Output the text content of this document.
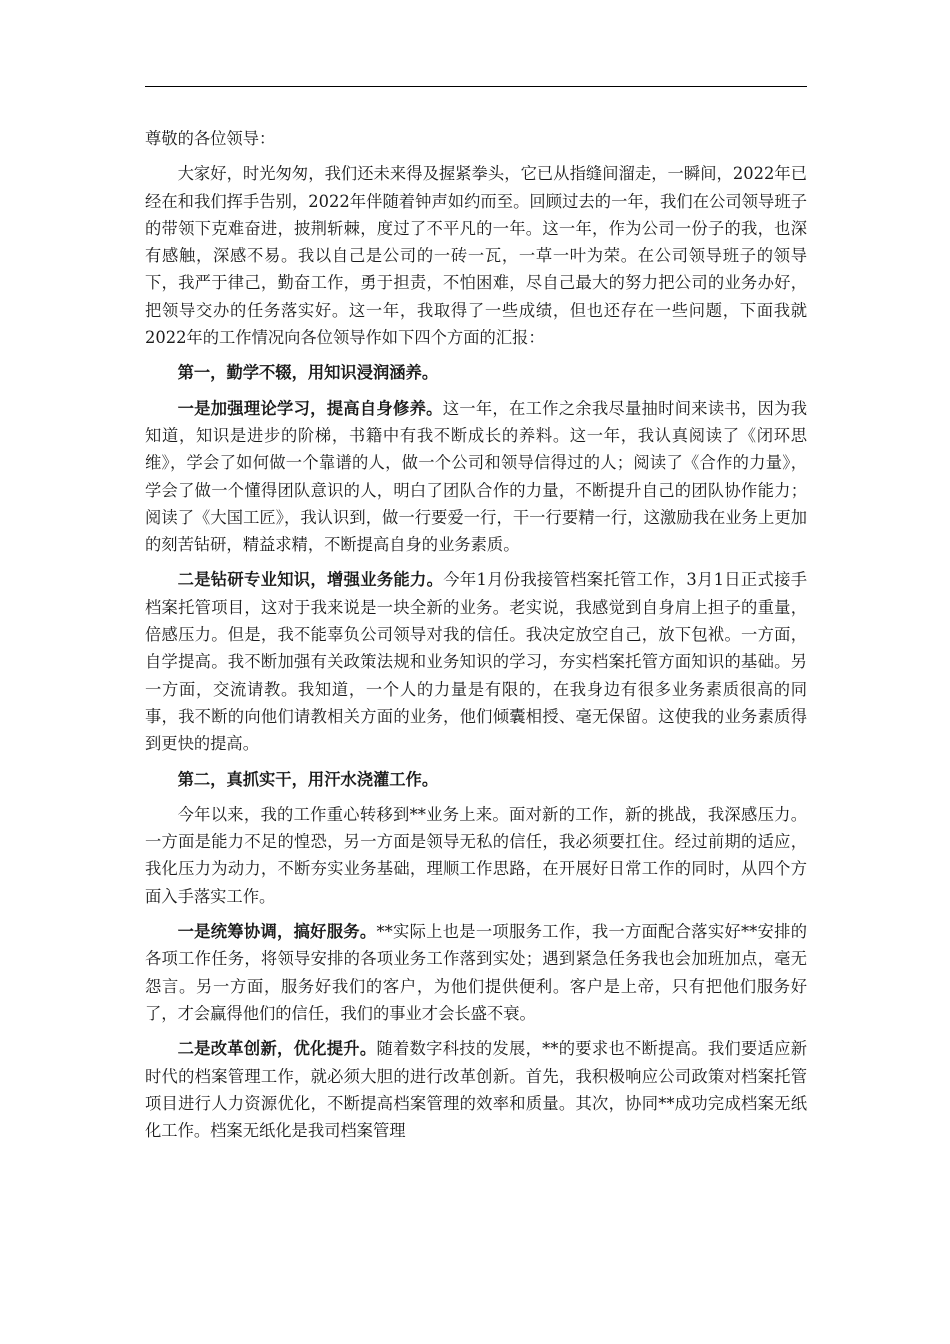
尊敬的各位领导：

大家好，时光匆匆，我们还未来得及握紧拳头，它已从指缝间溜走，一瞬间，2022年已经在和我们挥手告别，2022年伴随着钟声如约而至。回顾过去的一年，我们在公司领导班子的带领下克难奋进，披荆斩棘，度过了不平凡的一年。这一年，作为公司一份子的我，也深有感触，深感不易。我以自己是公司的一砖一瓦，一草一叶为荣。在公司领导班子的领导下，我严于律己，勤奋工作，勇于担责，不怕困难，尽自己最大的努力把公司的业务办好，把领导交办的任务落实好。这一年，我取得了一些成绩，但也还存在一些问题，下面我就2022年的工作情况向各位领导作如下四个方面的汇报：

第一，勤学不辍，用知识浸润涵养。

一是加强理论学习，提高自身修养。这一年，在工作之余我尽量抽时间来读书，因为我知道，知识是进步的阶梯，书籍中有我不断成长的养料。这一年，我认真阅读了《闭环思维》，学会了如何做一个靠谱的人，做一个公司和领导信得过的人；阅读了《合作的力量》，学会了做一个懂得团队意识的人，明白了团队合作的力量，不断提升自己的团队协作能力；阅读了《大国工匠》，我认识到，做一行要爱一行，干一行要精一行，这激励我在业务上更加的刻苦钻研，精益求精，不断提高自身的业务素质。

二是钻研专业知识，增强业务能力。今年1月份我接管档案托管工作，3月1日正式接手档案托管项目，这对于我来说是一块全新的业务。老实说，我感觉到自身肩上担子的重量，倍感压力。但是，我不能辜负公司领导对我的信任。我决定放空自己，放下包袱。一方面，自学提高。我不断加强有关政策法规和业务知识的学习，夯实档案托管方面知识的基础。另一方面，交流请教。我知道，一个人的力量是有限的，在我身边有很多业务素质很高的同事，我不断的向他们请教相关方面的业务，他们倾囊相授、毫无保留。这使我的业务素质得到更快的提高。

第二，真抓实干，用汗水浇灌工作。

今年以来，我的工作重心转移到**业务上来。面对新的工作，新的挑战，我深感压力。一方面是能力不足的惶恐，另一方面是领导无私的信任，我必须要扛住。经过前期的适应，我化压力为动力，不断夯实业务基础，理顺工作思路，在开展好日常工作的同时，从四个方面入手落实工作。

一是统筹协调，搞好服务。**实际上也是一项服务工作，我一方面配合落实好**安排的各项工作任务，将领导安排的各项业务工作落到实处；遇到紧急任务我也会加班加点，毫无怨言。另一方面，服务好我们的客户，为他们提供便利。客户是上帝，只有把他们服务好了，才会赢得他们的信任，我们的事业才会长盛不衰。

二是改革创新，优化提升。随着数字科技的发展，**的要求也不断提高。我们要适应新时代的档案管理工作，就必须大胆的进行改革创新。首先，我积极响应公司政策对档案托管项目进行人力资源优化，不断提高档案管理的效率和质量。其次，协同**成功完成档案无纸化工作。档案无纸化是我司档案管理
